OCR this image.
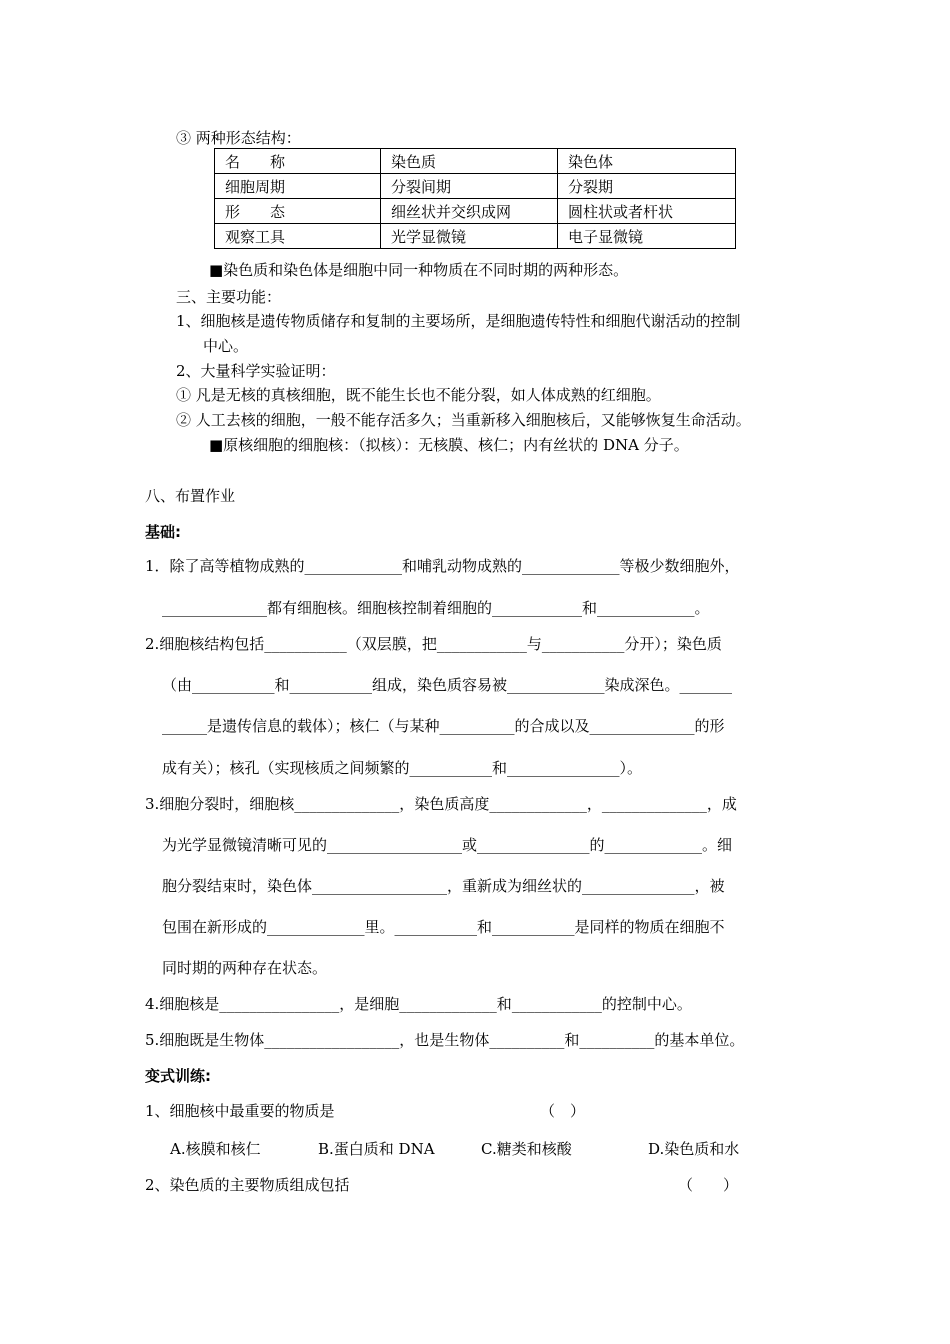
③ 两种形态结构：
名　　称	染色质	染色体
细胞周期	分裂间期	分裂期
形　　态	细丝状并交织成网	圆柱状或者杆状
观察工具	光学显微镜	电子显微镜
■染色质和染色体是细胞中同一种物质在不同时期的两种形态。
三、主要功能：
1、细胞核是遗传物质储存和复制的主要场所，是细胞遗传特性和细胞代谢活动的控制
中心。
2、大量科学实验证明：
① 凡是无核的真核细胞，既不能生长也不能分裂，如人体成熟的红细胞。
② 人工去核的细胞，一般不能存活多久；当重新移入细胞核后，又能够恢复生命活动。
■原核细胞的细胞核：（拟核）：无核膜、核仁；内有丝状的 DNA 分子。
八、布置作业
基础:
1．除了高等植物成熟的_____________和哺乳动物成熟的_____________等极少数细胞外，
______________都有细胞核。细胞核控制着细胞的____________和_____________。
2.细胞核结构包括___________（双层膜，把____________与___________分开）；染色质
（由___________和___________组成，染色质容易被_____________染成深色。_______
______是遗传信息的载体）；核仁（与某种__________的合成以及______________的形
成有关）；核孔（实现核质之间频繁的___________和_______________）。
3.细胞分裂时，细胞核______________，染色质高度_____________，______________，成
为光学显微镜清晰可见的__________________或_______________的_____________。细
胞分裂结束时，染色体__________________，重新成为细丝状的_______________，被
包围在新形成的_____________里。___________和___________是同样的物质在细胞不
同时期的两种存在状态。
4.细胞核是________________，是细胞_____________和____________的控制中心。
5.细胞既是生物体__________________，也是生物体__________和__________的基本单位。
变式训练:
1、细胞核中最重要的物质是	（　）
A.核膜和核仁	B.蛋白质和 DNA	C.糖类和核酸	D.染色质和水
2、染色质的主要物质组成包括	（　　）
